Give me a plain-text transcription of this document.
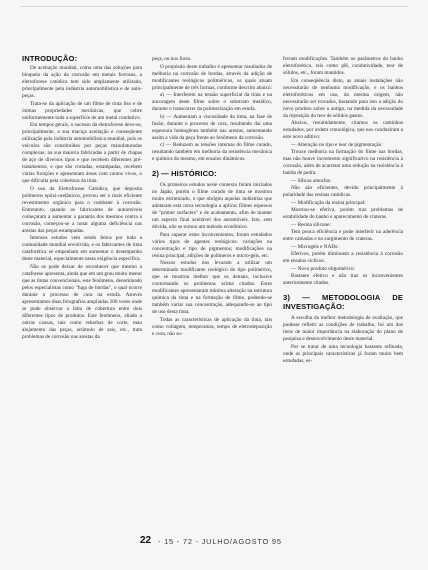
INTRODUÇÃO:

De aceitação mundial, como uma das soluções para bloqueio da ação da corrosão em metais ferrosos, a eletroforese catódica tem sido amplamente utilizada, principalmente pela indústria automobilística e de auto-peças.

Trata-se da aplicação de um filme de tinta liso e de ótimas propriedades mecânicas, que cobre uniformemente toda a superfície de um metal condutivo.

Em tempos gerais, o sucesso da eletroforese deve-se, principalmente, a sua maciça aceitação e conseqüente utilização pela indústria automobilística mundial, pois os veículos são constituídos por peças manufaturadas complexas, na sua maioria fabricadas a partir de chapas de aço de diversos tipos e que recebem diferentes pré-tratamentos, e que são cortadas, estampadas, recebem várias furações e apresentam áreas com cantos vivos, o que dificulta pela cobertura da tinta.

O uso da Eletroforese Catódica, que deposita polímeros epóxi-uretânicos, provou ser o mais eficiente revestimento orgânico para o combater à corrosão. Entretanto, quando os fabricantes de automóveis começaram a aumentar a garantia dos mesmos contra a corrosão, começou-se a notar alguma deficiência nas arestas das peças estampadas.

Intensos estudos vem sendo feitos por toda a comunidade mundial envolvida, e os fabricantes de tinta cataforética se empenham em aumentar o desempenho deste material, especialmente nesta exigência específica.

Não se pode deixar de reconhecer que mesmo a cataforese apresenta, ainda que em um grau muito menor que as tintas convencionais, este fenômeno, denominado pelos especialistas como "fuga de bordas", o qual ocorre durante o processo de cura na estufa. Através apresentamos duas fotografias ampliadas 200 vezes onde se pode observar a falta de cobertura entre dois diferentes tipos de produtos. Este fenômeno, aliado a outras causas, tais como rebarbas de corte, mau alojamento das peças, acúmulo de sais, etc., trata problemas de corrosão nas arestas da

peça, ou nos furos.

O propósito deste trabalho é apresentar resultados de melhoria na corrosão de bordas, através da adição de modificantes reológicos poliméricos, os quais atuam principalmente de três formas, conforme descrito abaixo:

a) — Interferem na tensão superficial da tinta e na ancoragem deste filme sobre o substrato metálico, durante o transcorrer da polimerização em estufa.

b) — Aumentam a viscosidade da tinta, na fase de fusão, durante o processo de cura, resultando daí uma espessura homogênea também nas arestas, aumentando assim a vida da peça frente ao fenômeno da corrosão.

c) — Reduzem as tensões internas do filme curado, resultando também em melhoria da resistência mecânica e química do mesmo, em ensaios dinâmicos.

2) — HISTÓRICO:

Os primeiros estudos neste contexto foram iniciados no Japão, porém o filme curado de tinta se mostrou muito estruturado, o que obrigou aquelas indústrias que adotaram esta nova tecnologia a aplicar filmes espessos de "primer surfacers" e de acabamento, afim de manter um aspecto final aceitável dos automóveis. Isto, sem dúvida, não se tornou um método econômico.

Para superar estes inconvenientes, foram estudados vários tipos de agentes reológicos: variações na concentração e tipo de pigmentos; modificações na resina principal; adições de polímeros e micro-géis, etc.

Nossos estudos nos levaram a utilizar um determinado modificante reológico do tipo polimérico, que se mostrou melhor que os demais, inclusive contornando os problemas acima citados. Estes modificantes apresentaram mínima alteração na estrutura química da tinta e na formação de filme, podendo-se também variar sua concentração, adequando-se ao tipo de uso desta tinta.

Todas as características de aplicação da tinta, tais como voltagem, temperatura, tempo de eletrodeposição e cura, não so-

freram modificações. Também os parâmetros do banho eletroforético, tais como pH, condutividade, teor de sólidos, etc., foram mantidos.

Em conseqüência disto, as atuais instalações não necessitarão de nenhuma modificação, e os banhos eletroforéticos em uso, da mesma origem, não necessitarão ser trocados, bastando para isto a adição do novo produto sobre o antigo, na medida da necessidade da reposição do teor de sólidos gastos.

Abaixo, resumidamente, citamos os caminhos estudados, por ordem cronológica, que nos conduziram a este novo aditivo:

— Alteração no tipo e teor de pigmentação:

Trouxe melhoria na formação do filme nas bordas, mas não houve incremento significativo na resistência à corrosão, além de acarretar uma redução na resistência à batida de pedra.

— Sílicas amorfas:

Não são eficientes, devido principalmente à polaridade das resinas catódicas.

— Modificação da resina principal:

Mostrou-se efetiva, porém traz problemas de estabilidade do banho e aparecimento de crateras.

— Resina silicone:

Tem pouca eficiência e pode interferir na aderência entre camadas e no surgimento de crateras.

— Microgéis e NADs:

Efetivos, porém diminuem a resistência à corrosão em ensaios cíclicos.

— Novo produto oligomérico:

Bastante efetivo e não traz os inconvenientes anteriormente citados.

3) — METODOLOGIA DE INVESTIGAÇÃO:

A escolha da melhor metodologia de avaliação, que pudesse refletir as condições de trabalho, foi um dos itens de maior importância na elaboração do plano de pesquisa e desenvolvimento deste material.

Por se tratar de uma tecnologia bastante refinada, onde as principais características já foram muito bem estudadas, es-

22 - 15 - 72 - JULHO/AGOSTO 95
